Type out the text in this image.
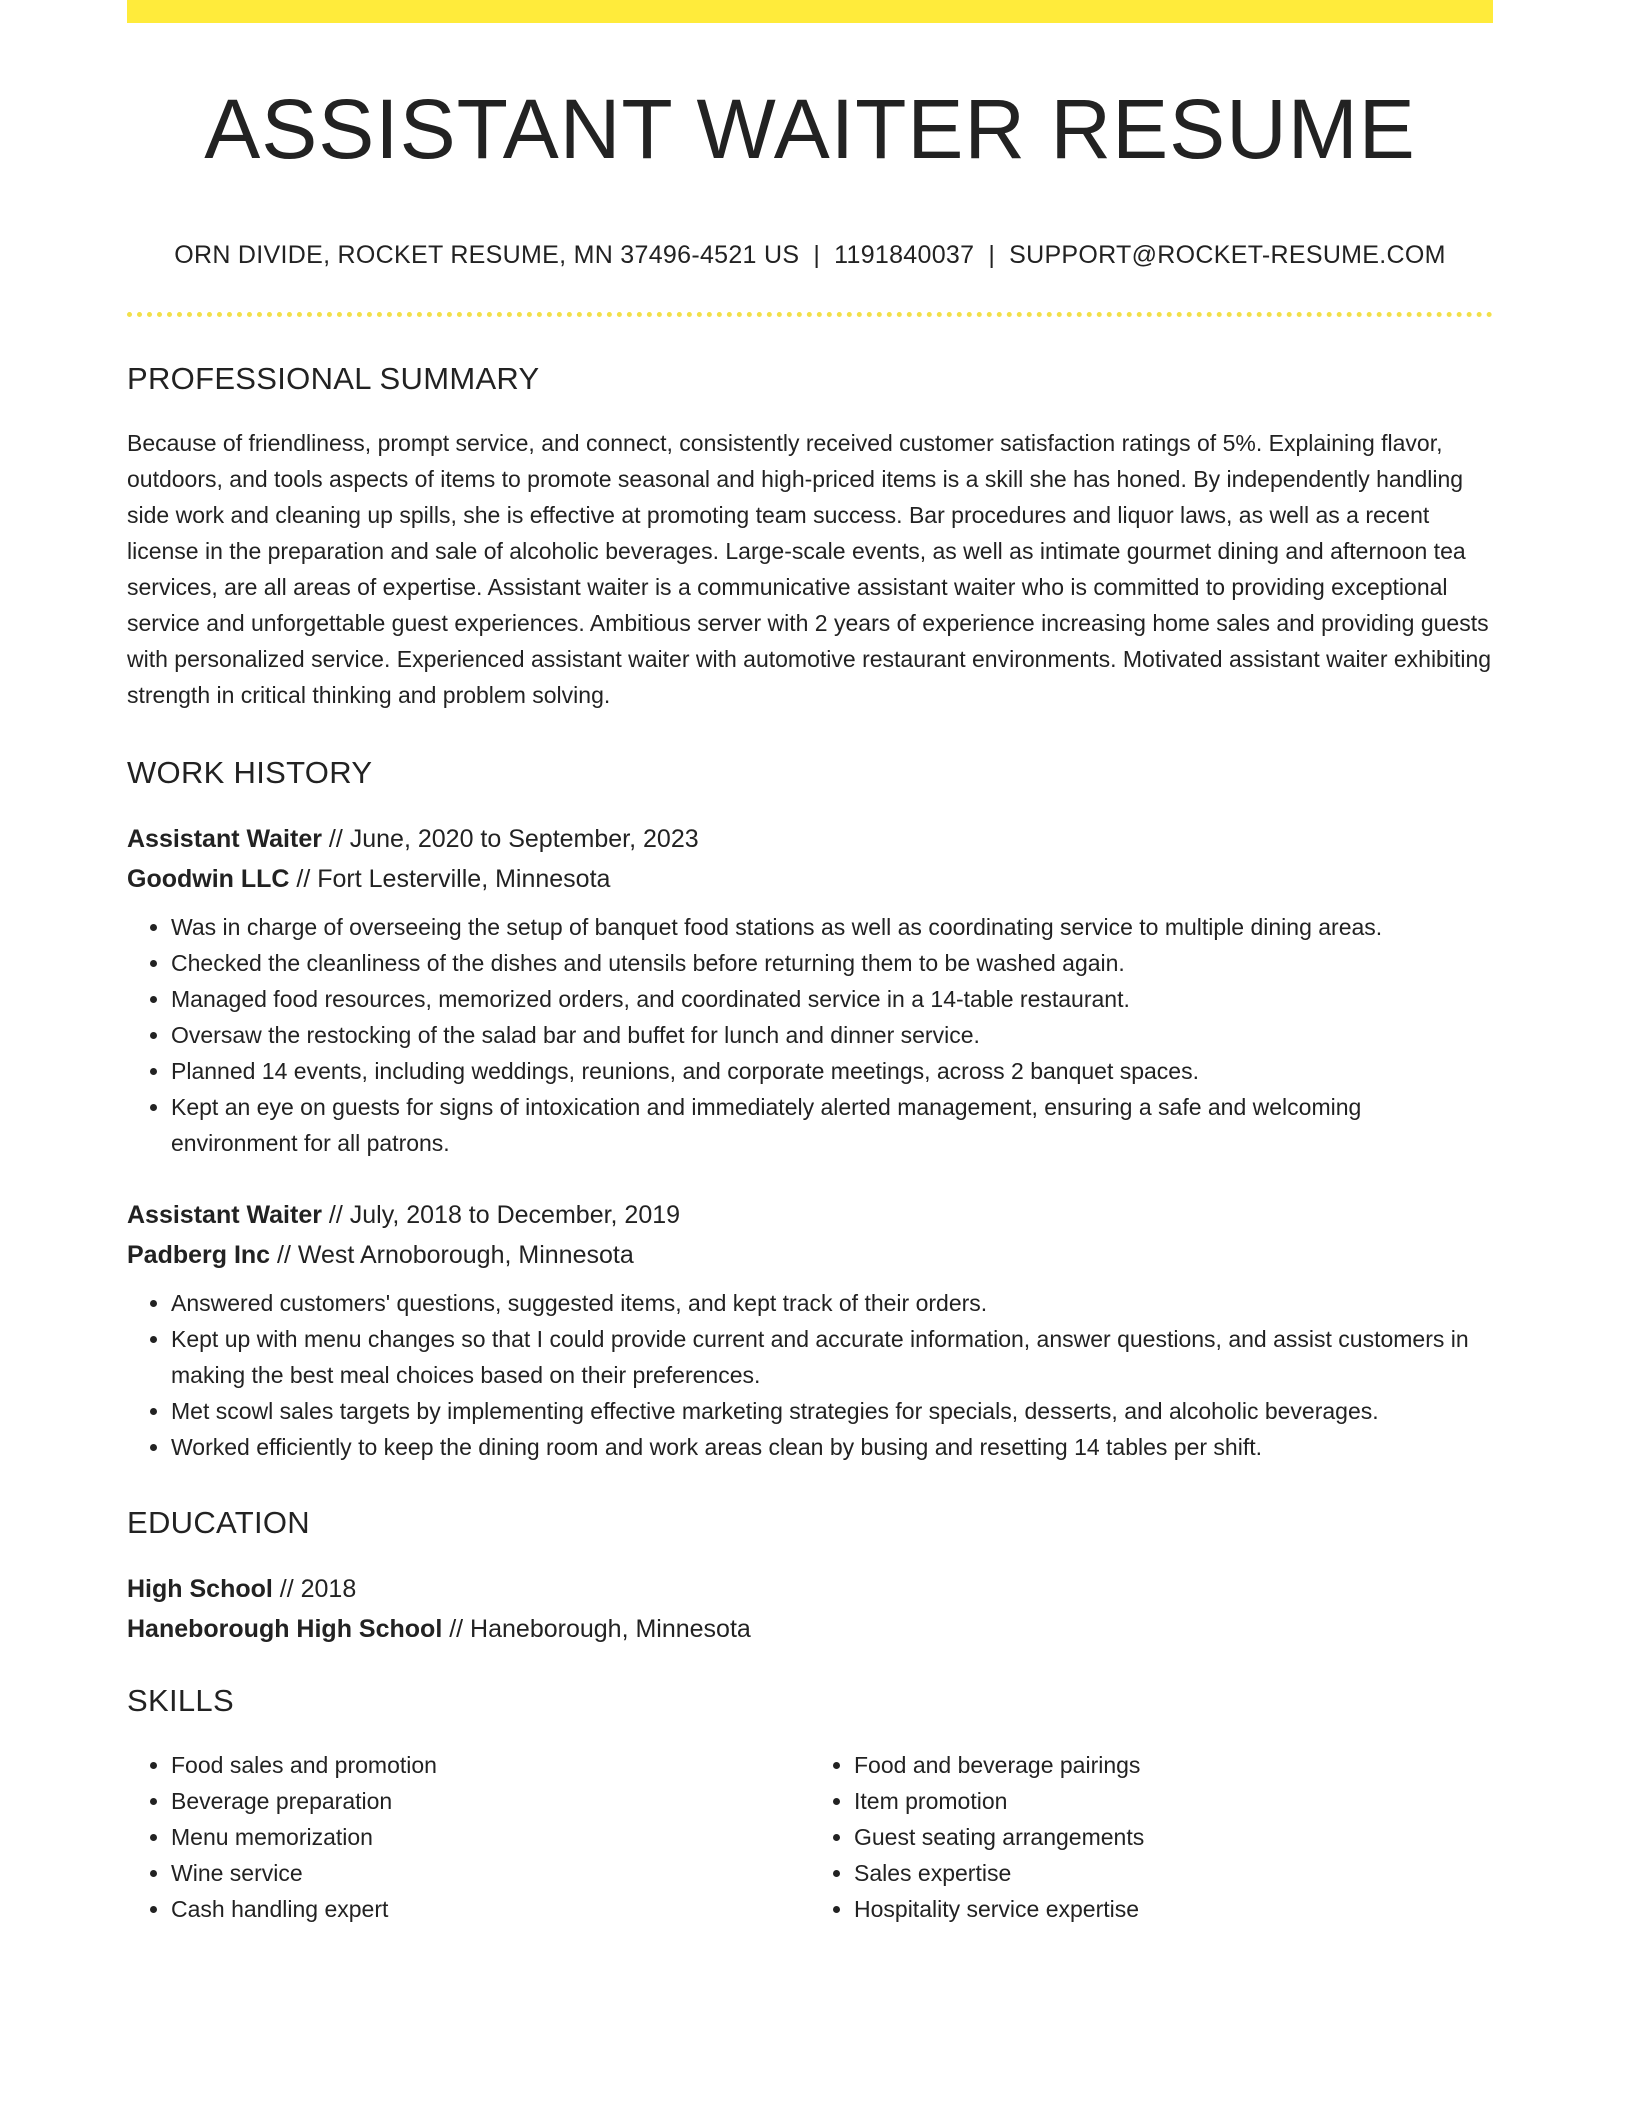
ASSISTANT WAITER RESUME
ORN DIVIDE, ROCKET RESUME, MN 37496-4521 US | 1191840037 | SUPPORT@ROCKET-RESUME.COM
PROFESSIONAL SUMMARY

Because of friendliness, prompt service, and connect, consistently received customer satisfaction ratings of 5%. Explaining flavor, outdoors, and tools aspects of items to promote seasonal and high-priced items is a skill she has honed. By independently handling side work and cleaning up spills, she is effective at promoting team success. Bar procedures and liquor laws, as well as a recent license in the preparation and sale of alcoholic beverages. Large-scale events, as well as intimate gourmet dining and afternoon tea services, are all areas of expertise. Assistant waiter is a communicative assistant waiter who is committed to providing exceptional service and unforgettable guest experiences. Ambitious server with 2 years of experience increasing home sales and providing guests with personalized service. Experienced assistant waiter with automotive restaurant environments. Motivated assistant waiter exhibiting strength in critical thinking and problem solving.

WORK HISTORY

Assistant Waiter // June, 2020 to September, 2023

Goodwin LLC // Fort Lesterville, Minnesota

• Was in charge of overseeing the setup of banquet food stations as well as coordinating service to multiple dining areas.
• Checked the cleanliness of the dishes and utensils before returning them to be washed again.
• Managed food resources, memorized orders, and coordinated service in a 14-table restaurant.
• Oversaw the restocking of the salad bar and buffet for lunch and dinner service.
• Planned 14 events, including weddings, reunions, and corporate meetings, across 2 banquet spaces.
• Kept an eye on guests for signs of intoxication and immediately alerted management, ensuring a safe and welcoming environment for all patrons.

Assistant Waiter // July, 2018 to December, 2019

Padberg Inc // West Arnoborough, Minnesota

• Answered customers' questions, suggested items, and kept track of their orders.
• Kept up with menu changes so that I could provide current and accurate information, answer questions, and assist customers in making the best meal choices based on their preferences.
• Met scowl sales targets by implementing effective marketing strategies for specials, desserts, and alcoholic beverages.
• Worked efficiently to keep the dining room and work areas clean by busing and resetting 14 tables per shift.
EDUCATION

High School // 2018

Haneborough High School // Haneborough, Minnesota

SKILLS
• Food sales and promotion
• Beverage preparation
• Menu memorization
• Wine service
• Cash handling expert
• Food and beverage pairings
• Item promotion
• Guest seating arrangements
• Sales expertise
• Hospitality service expertise
